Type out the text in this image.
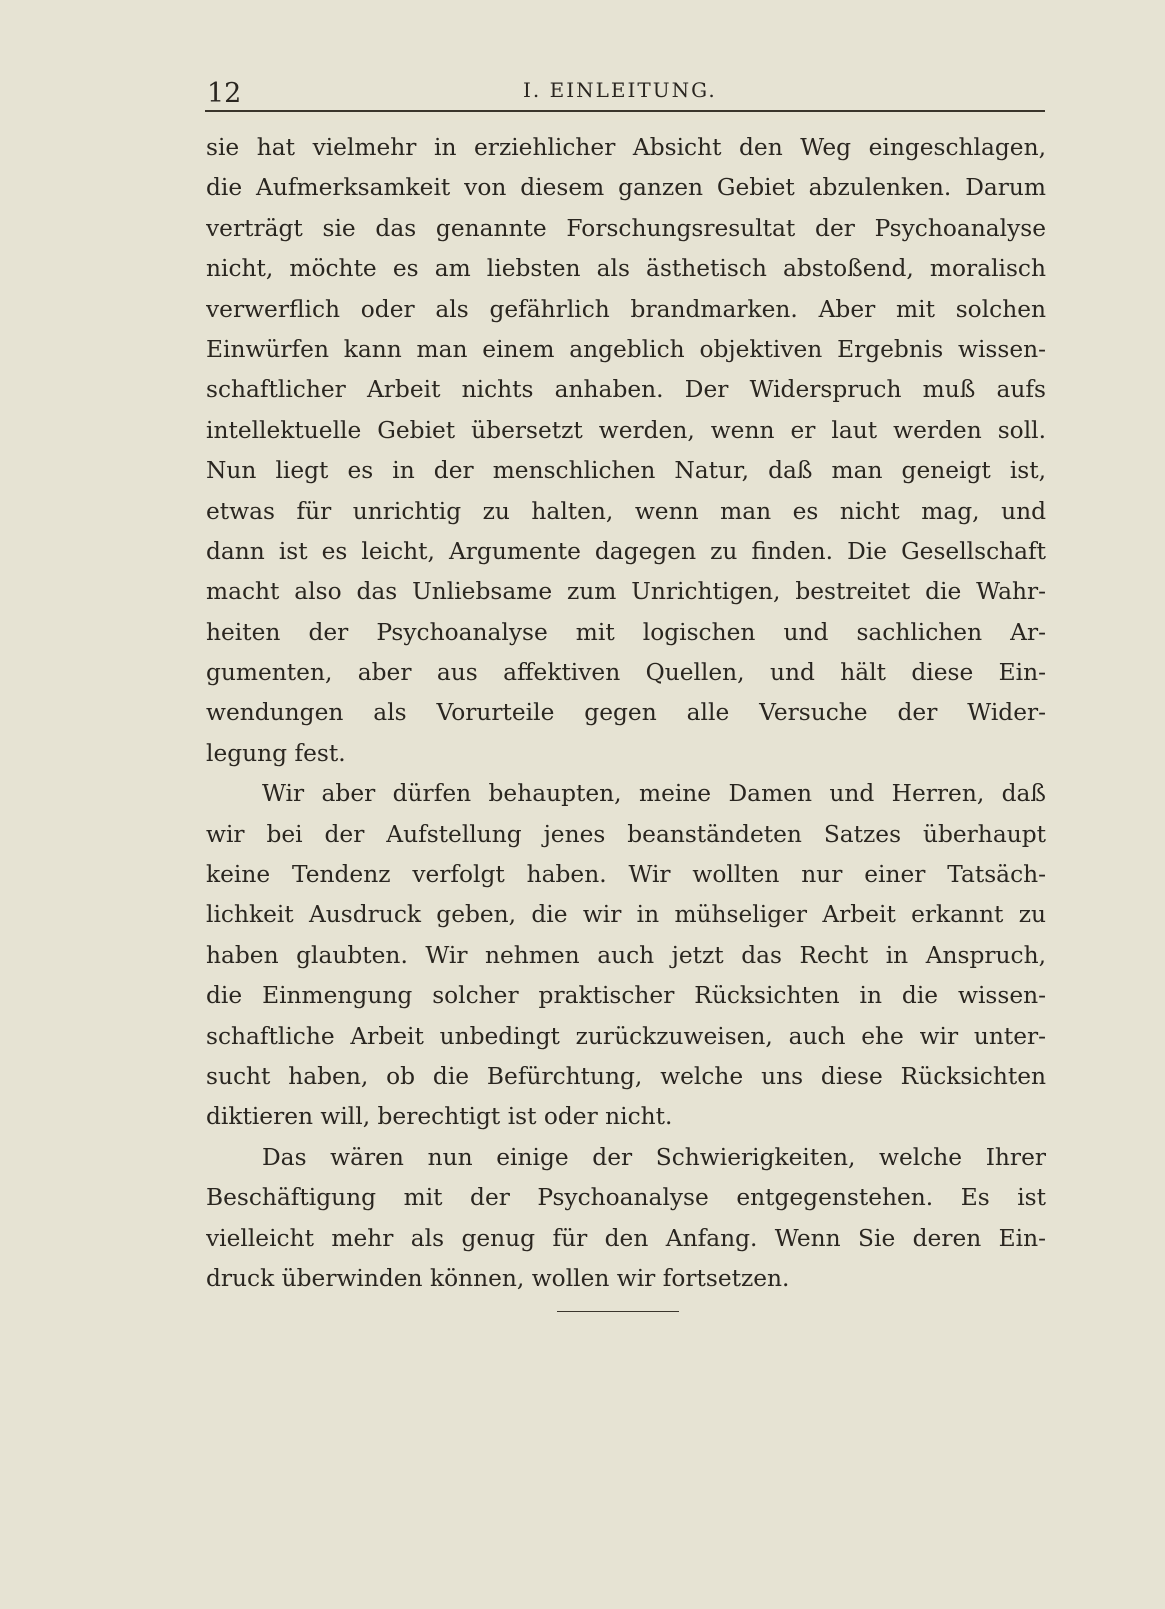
12	I. EINLEITUNG.
sie hat vielmehr in erziehlicher Absicht den Weg eingeschlagen,
die Aufmerksamkeit von diesem ganzen Gebiet abzulenken. Darum
verträgt sie das genannte Forschungsresultat der Psychoanalyse
nicht, möchte es am liebsten als ästhetisch abstoßend, moralisch
verwerflich oder als gefährlich brandmarken. Aber mit solchen
Einwürfen kann man einem angeblich objektiven Ergebnis wissen-
schaftlicher Arbeit nichts anhaben. Der Widerspruch muß aufs
intellektuelle Gebiet übersetzt werden, wenn er laut werden soll.
Nun liegt es in der menschlichen Natur, daß man geneigt ist,
etwas für unrichtig zu halten, wenn man es nicht mag, und
dann ist es leicht, Argumente dagegen zu finden. Die Gesellschaft
macht also das Unliebsame zum Unrichtigen, bestreitet die Wahr-
heiten der Psychoanalyse mit logischen und sachlichen Ar-
gumenten, aber aus affektiven Quellen, und hält diese Ein-
wendungen als Vorurteile gegen alle Versuche der Wider-
legung fest.
Wir aber dürfen behaupten, meine Damen und Herren, daß
wir bei der Aufstellung jenes beanständeten Satzes überhaupt
keine Tendenz verfolgt haben. Wir wollten nur einer Tatsäch-
lichkeit Ausdruck geben, die wir in mühseliger Arbeit erkannt zu
haben glaubten. Wir nehmen auch jetzt das Recht in Anspruch,
die Einmengung solcher praktischer Rücksichten in die wissen-
schaftliche Arbeit unbedingt zurückzuweisen, auch ehe wir unter-
sucht haben, ob die Befürchtung, welche uns diese Rücksichten
diktieren will, berechtigt ist oder nicht.
Das wären nun einige der Schwierigkeiten, welche Ihrer
Beschäftigung mit der Psychoanalyse entgegenstehen. Es ist
vielleicht mehr als genug für den Anfang. Wenn Sie deren Ein-
druck überwinden können, wollen wir fortsetzen.
